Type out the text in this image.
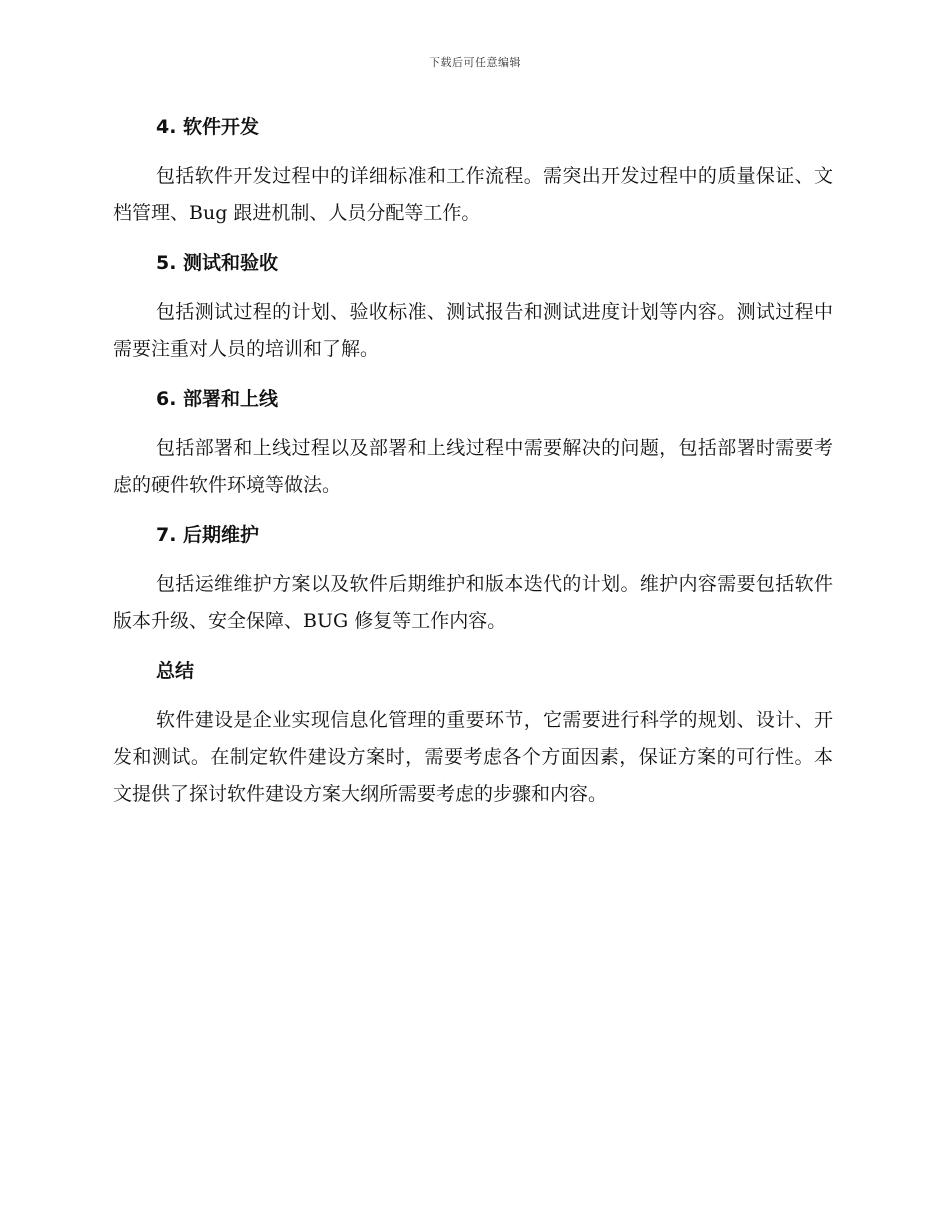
下载后可任意编辑
4. 软件开发

包括软件开发过程中的详细标准和工作流程。需突出开发过程中的质量保证、文档管理、Bug 跟进机制、人员分配等工作。

5. 测试和验收

包括测试过程的计划、验收标准、测试报告和测试进度计划等内容。测试过程中需要注重对人员的培训和了解。

6. 部署和上线

包括部署和上线过程以及部署和上线过程中需要解决的问题，包括部署时需要考虑的硬件软件环境等做法。

7. 后期维护

包括运维维护方案以及软件后期维护和版本迭代的计划。维护内容需要包括软件版本升级、安全保障、BUG 修复等工作内容。

总结

软件建设是企业实现信息化管理的重要环节，它需要进行科学的规划、设计、开发和测试。在制定软件建设方案时，需要考虑各个方面因素，保证方案的可行性。本文提供了探讨软件建设方案大纲所需要考虑的步骤和内容。
